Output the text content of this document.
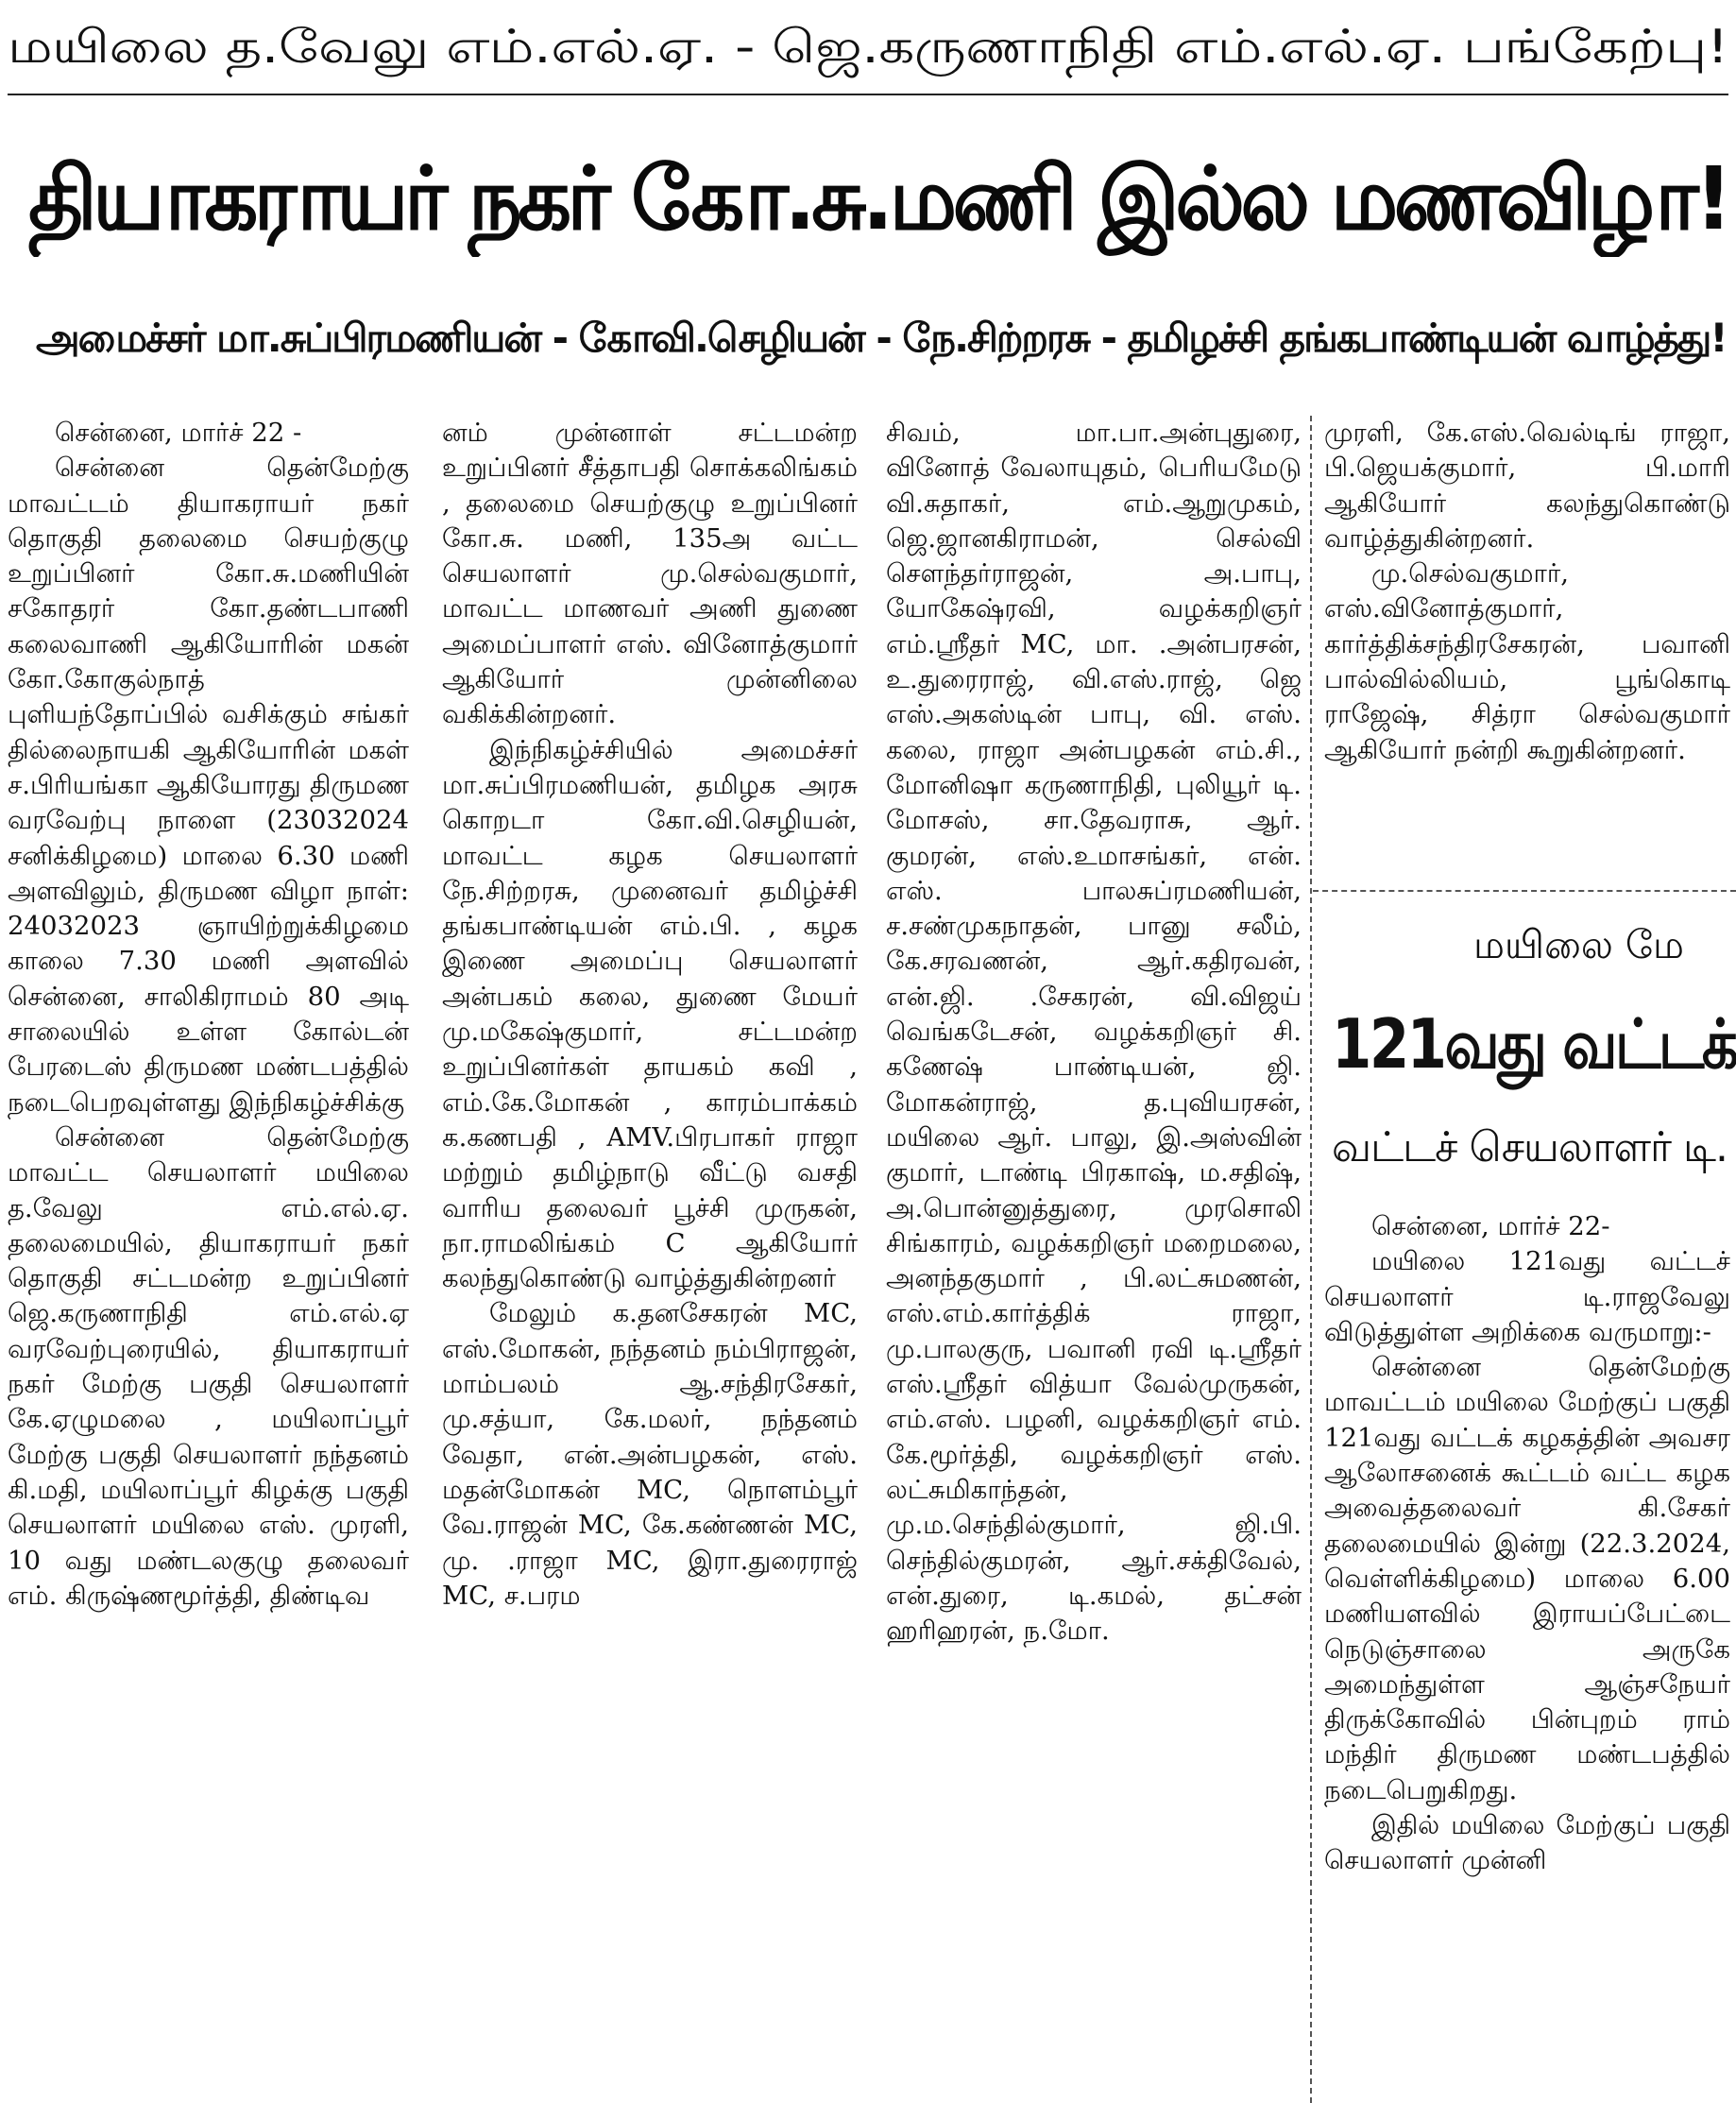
மயிலை த.வேலு எம்.எல்.ஏ. - ஜெ.கருணாநிதி எம்.எல்.ஏ. பங்கேற்பு!
தியாகராயர் நகர் கோ.சு.மணி இல்ல மணவிழா!
அமைச்சர் மா.சுப்பிரமணியன் - கோவி.செழியன் - நே.சிற்றரசு - தமிழச்சி தங்கபாண்டியன் வாழ்த்து!

சென்னை, மார்ச் 22 -

சென்னை தென்மேற்கு மாவட்டம் தியாகராயர் நகர் தொகுதி தலைமை செயற்குழு உறுப்பினர் கோ.சு.மணியின் சகோதரர் கோ.தண்டபாணி கலைவாணி ஆகியோரின் மகன் கோ.கோகுல்நாத் புளியந்தோப்பில் வசிக்கும் சங்கர் தில்லைநாயகி ஆகியோரின் மகள் ச.பிரியங்கா ஆகியோரது திருமண வரவேற்பு நாளை (23032024 சனிக்கிழமை) மாலை 6.30 மணி அளவிலும், திருமண விழா நாள்: 24032023 ஞாயிற்றுக்கிழமை காலை 7.30 மணி அளவில் சென்னை, சாலிகிராமம் 80 அடி சாலையில் உள்ள கோல்டன் பேரடைஸ் திருமண மண்டபத்தில் நடைபெறவுள்ளது இந்நிகழ்ச்சிக்கு

சென்னை தென்மேற்கு மாவட்ட செயலாளர் மயிலை த.வேலு எம்.எல்.ஏ. தலைமையில், தியாகராயர் நகர் தொகுதி சட்டமன்ற உறுப்பினர் ஜெ.கருணாநிதி எம்.எல்.ஏ வரவேற்புரையில், தியாகராயர் நகர் மேற்கு பகுதி செயலாளர் கே.ஏழுமலை , மயிலாப்பூர் மேற்கு பகுதி செயலாளர் நந்தனம் கி.மதி, மயிலாப்பூர் கிழக்கு பகுதி செயலாளர் மயிலை எஸ். முரளி, 10 வது மண்டலகுழு தலைவர் எம். கிருஷ்ணமூர்த்தி, திண்டிவ

னம் முன்னாள் சட்டமன்ற உறுப்பினர் சீத்தாபதி சொக்கலிங்கம் , தலைமை செயற்குழு உறுப்பினர் கோ.சு. மணி, 135அ வட்ட செயலாளர் மு.செல்வகுமார், மாவட்ட மாணவர் அணி துணை அமைப்பாளர் எஸ். வினோத்குமார் ஆகியோர் முன்னிலை வகிக்கின்றனர்.

இந்நிகழ்ச்சியில் அமைச்சர் மா.சுப்பிரமணியன், தமிழக அரசு கொறடா கோ.வி.செழியன், மாவட்ட கழக செயலாளர் நே.சிற்றரசு, முனைவர் தமிழ்ச்சி தங்கபாண்டியன் எம்.பி. , கழக இணை அமைப்பு செயலாளர் அன்பகம் கலை, துணை மேயர் மு.மகேஷ்குமார், சட்டமன்ற உறுப்பினர்கள் தாயகம் கவி , எம்.கே.மோகன் , காரம்பாக்கம் க.கணபதி , AMV.பிரபாகர் ராஜா மற்றும் தமிழ்நாடு வீட்டு வசதி வாரிய தலைவர் பூச்சி முருகன், நா.ராமலிங்கம் C ஆகியோர் கலந்துகொண்டு வாழ்த்துகின்றனர்

மேலும் க.தனசேகரன் MC, எஸ்.மோகன், நந்தனம் நம்பிராஜன், மாம்பலம் ஆ.சந்திரசேகர், மு.சத்யா, கே.மலர், நந்தனம் வேதா, என்.அன்பழகன், எஸ். மதன்மோகன் MC, நொளம்பூர் வே.ராஜன் MC, கே.கண்ணன் MC, மு. .ராஜா MC, இரா.துரைராஜ் MC, ச.பரம

சிவம், மா.பா.அன்புதுரை, வினோத் வேலாயுதம், பெரியமேடு வி.சுதாகர், எம்.ஆறுமுகம், ஜெ.ஜானகிராமன், செல்வி சௌந்தர்ராஜன், அ.பாபு, யோகேஷ்ரவி, வழக்கறிஞர் எம்.ஸ்ரீதர் MC, மா. .அன்பரசன், உ.துரைராஜ், வி.எஸ்.ராஜ், ஜெ எஸ்.அகஸ்டின் பாபு, வி. எஸ். கலை, ராஜா அன்பழகன் எம்.சி., மோனிஷா கருணாநிதி, புலியூர் டி. மோசஸ், சா.தேவராசு, ஆர். குமரன், எஸ்.உமாசங்கர், என். எஸ். பாலசுப்ரமணியன், ச.சண்முகநாதன், பானு சலீம், கே.சரவணன், ஆர்.கதிரவன், என்.ஜி. .சேகரன், வி.விஜய் வெங்கடேசன், வழக்கறிஞர் சி. கணேஷ் பாண்டியன், ஜி. மோகன்ராஜ், த.புவியரசன், மயிலை ஆர். பாலு, இ.அஸ்வின் குமார், டாண்டி பிரகாஷ், ம.சதிஷ், அ.பொன்னுத்துரை, முரசொலி சிங்காரம், வழக்கறிஞர் மறைமலை, அனந்தகுமார் , பி.லட்சுமணன், எஸ்.எம்.கார்த்திக் ராஜா, மு.பாலகுரு, பவானி ரவி டி.ஸ்ரீதர் எஸ்.ஸ்ரீதர் வித்யா வேல்முருகன், எம்.எஸ். பழனி, வழக்கறிஞர் எம். கே.மூர்த்தி, வழக்கறிஞர் எஸ். லட்சுமிகாந்தன், மு.ம.செந்தில்குமார், ஜி.பி. செந்தில்குமரன், ஆர்.சக்திவேல், என்.துரை, டி.கமல், தட்சன் ஹரிஹரன், ந.மோ.

முரளி, கே.எஸ்.வெல்டிங் ராஜா, பி.ஜெயக்குமார், பி.மாரி ஆகியோர் கலந்துகொண்டு வாழ்த்துகின்றனர்.

மு.செல்வகுமார், எஸ்.வினோத்குமார், கார்த்திக்சந்திரசேகரன், பவானி பால்வில்லியம், பூங்கொடி ராஜேஷ், சித்ரா செல்வகுமார் ஆகியோர் நன்றி கூறுகின்றனர்.

மயிலை மே
121வது வட்டக்
வட்டச் செயலாளர் டி.

சென்னை, மார்ச் 22-

மயிலை 121வது வட்டச் செயலாளர் டி.ராஜவேலு விடுத்துள்ள அறிக்கை வருமாறு:-

சென்னை தென்மேற்கு மாவட்டம் மயிலை மேற்குப் பகுதி 121வது வட்டக் கழகத்தின் அவசர ஆலோசனைக் கூட்டம் வட்ட கழக அவைத்தலைவர் கி.சேகர் தலைமையில் இன்று (22.3.2024, வெள்ளிக்கிழமை) மாலை 6.00 மணியளவில் இராயப்பேட்டை நெடுஞ்சாலை அருகே அமைந்துள்ள ஆஞ்சநேயர் திருக்கோவில் பின்புறம் ராம் மந்திர் திருமண மண்டபத்தில் நடைபெறுகிறது.

இதில் மயிலை மேற்குப் பகுதி செயலாளர் முன்னி
